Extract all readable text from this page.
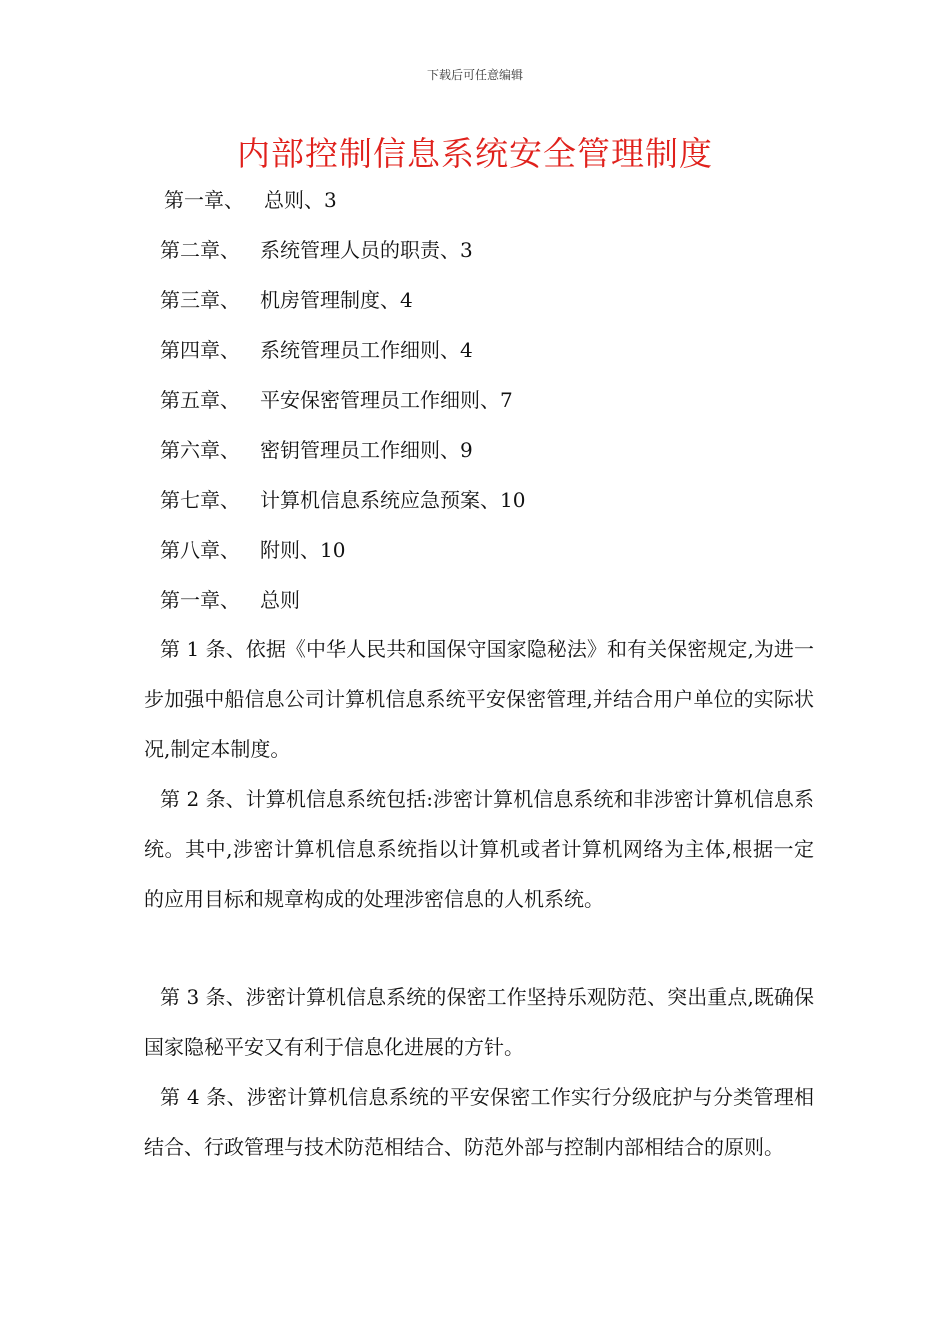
下载后可任意编辑
内部控制信息系统安全管理制度
第一章、 总则、3
第二章、 系统管理人员的职责、3
第三章、 机房管理制度、4
第四章、 系统管理员工作细则、4
第五章、 平安保密管理员工作细则、7
第六章、 密钥管理员工作细则、9
第七章、 计算机信息系统应急预案、10
第八章、 附则、10
第一章、 总则
第 1 条、依据《中华人民共和国保守国家隐秘法》和有关保密规定,为进一步加强中船信息公司计算机信息系统平安保密管理,并结合用户单位的实际状况,制定本制度。
第 2 条、计算机信息系统包括:涉密计算机信息系统和非涉密计算机信息系统。其中,涉密计算机信息系统指以计算机或者计算机网络为主体,根据一定的应用目标和规章构成的处理涉密信息的人机系统。
第 3 条、涉密计算机信息系统的保密工作坚持乐观防范、突出重点,既确保国家隐秘平安又有利于信息化进展的方针。
第 4 条、涉密计算机信息系统的平安保密工作实行分级庇护与分类管理相结合、行政管理与技术防范相结合、防范外部与控制内部相结合的原则。
